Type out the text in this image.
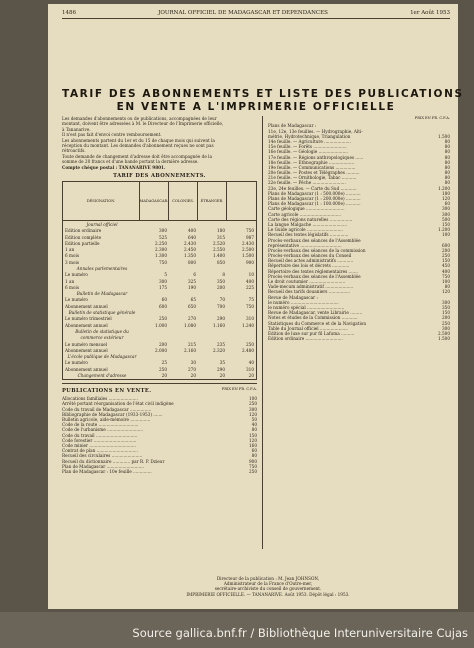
1486	JOURNAL OFFICIEL DE MADAGASCAR ET DEPENDANCES	1er Août 1953
TARIF DES ABONNEMENTS ET LISTE DES PUBLICATIONS
EN VENTE A L'IMPRIMERIE OFFICIELLE
Les demandes d'abonnements ou de publications, accompagnées de leur
montant, doivent être adressées à M. le Directeur de l'Imprimerie officielle,
à Tananarive.
Il n'est pas fait d'envoi contre remboursement.
Les abonnements partent du 1er et du 15 de chaque mois qui suivent la
réception du montant. Les demandes d'abonnement reçues ne sont pas
rétroactifs.
Toute demande de changement d'adresse doit être accompagnée de la
somme de 20 francs et d'une bande portant la dernière adresse.
Compte chèque postal : TANANARIVE 9801.
TARIF DES ABONNEMENTS.
DÉSIGNATION.	MADAGASCAR.	COLONIES.	ÉTRANGER.
Journal officiel
Édition ordinaire	300	400	180	750
Édition complète	525	640	315	987
Édition partielle	2.250	2.430	2.520	2.430
1 an	2.300	2.450	2.550	2.500
6 mois	1.300	1.350	1.400	1.500
3 mois	750	800	850	900
Annales parlementaires
Le numéro	5	6	8	10
1 an	300	325	350	400
6 mois	175	190	200	225
Bulletin de Madagascar
Le numéro	60	65	70	75
Abonnement annuel	600	650	700	750
Bulletin de statistique générale
Le numéro trimestriel	250	270	290	310
Abonnement annuel	1.000	1.080	1.160	1.240
Bulletin de statistique du
commerce extérieur
Le numéro mensuel	200	215	235	250
Abonnement annuel	2.000	2.160	2.320	2.480
L'école publique de Madagascar
Le numéro	25	30	35	40
Abonnement annuel	250	270	290	310
Changement d'adresse	20	20	20	20
PUBLICATIONS EN VENTE.	PRIX EN FR. C.F.A.
Allocations familiales ......................	100
Arrêté portant réorganisation de l'état civil indigène	250
Code du travail de Madagascar ................	300
Bibliographie de Madagascar (1933-1953) .......	120
Bulletin agricole, aide-mémoire ...............	50
Code de la route ..............................	40
Code de l'urbanisme ...........................	80
Code du travail ...............................	150
Code forestier ................................	120
Code minier ...................................	160
Contrat de plan ...............................	60
Recueil des circulaires .......................	80
Recueil du dictionnaire ............. par R. P. Dzieur	900
Plan de Madagascar ............................	750
Plan de Madagascar : 10e feuille ..............	250
PRIX EN FR. C.F.A.
Plans de Madagascar :
11e, 12e, 13e feuilles. — Hydrographie, Alti-
métrie, Hydrotechnique, Triangulation	1.500
14e feuille. — Agriculture ....................	80
15e feuille. — Forêts .........................	80
16e feuille. — Géologie ......................	80
17e feuille. — Régions anthropologiques ......	80
18e feuille. — Ethnographie ...................	80
19e feuille. — Communications ...............	80
20e feuille. — Postes et Télégraphes ..........	80
21e feuille. — Ornithologie, Tabac ...........	80
22e feuille. — Pêche .........................	80
23e, 24e feuilles. — Carte du Sud ............	1.200
Plans de Madagascar (1 : 500.000e) ...........	180
Plans de Madagascar (1 : 200.000e) ...........	120
Plans de Madagascar (1 : 100.000e) ...........	60
Carte géologique .............................	300
Carte agricole ...............................	300
Carte des régions naturelles .................	500
La langue Malgache ..........................	150
Le Guide agricole ...........................	1.200
Recueil des textes législatifs ..............	100
Procès-verbaux des séances de l'Assemblée
représentative ...............................	600
Procès-verbaux des séances de la commission	200
Procès-verbaux des séances du Conseil	250
Recueil des actes administratifs ............	150
Répertoire des lois et décrets .............	450
Répertoire des textes réglementaires .......	400
Procès-verbaux des séances de l'Assemblée	750
Le droit coutumier ...........................	100
Vade-mecum administratif .....................	80
Recueil des tarifs douaniers ................	120
Revue de Madagascar :
le numéro ....................................	300
le numéro spécial ............................	350
Revue de Madagascar, vente Librairie .........	150
Notes et études de la Commission ............	200
Statistiques du Commerce et de la Navigation	250
Table du Journal officiel .....................	300
Édition de luxe sur pur fil Lafuma ..........	2.500
Édition ordinaire ............................	1.500
Directeur de la publication : M. Jean JOHNSON,
Administrateur de la France d'Outre-mer,
secrétaire-archiviste du conseil de gouvernement.
IMPRIMERIE OFFICIELLE. — TANANARIVE. Août 1953. Dépôt légal : 1953.
Source gallica.bnf.fr / Bibliothèque Interuniversitaire Cujas
